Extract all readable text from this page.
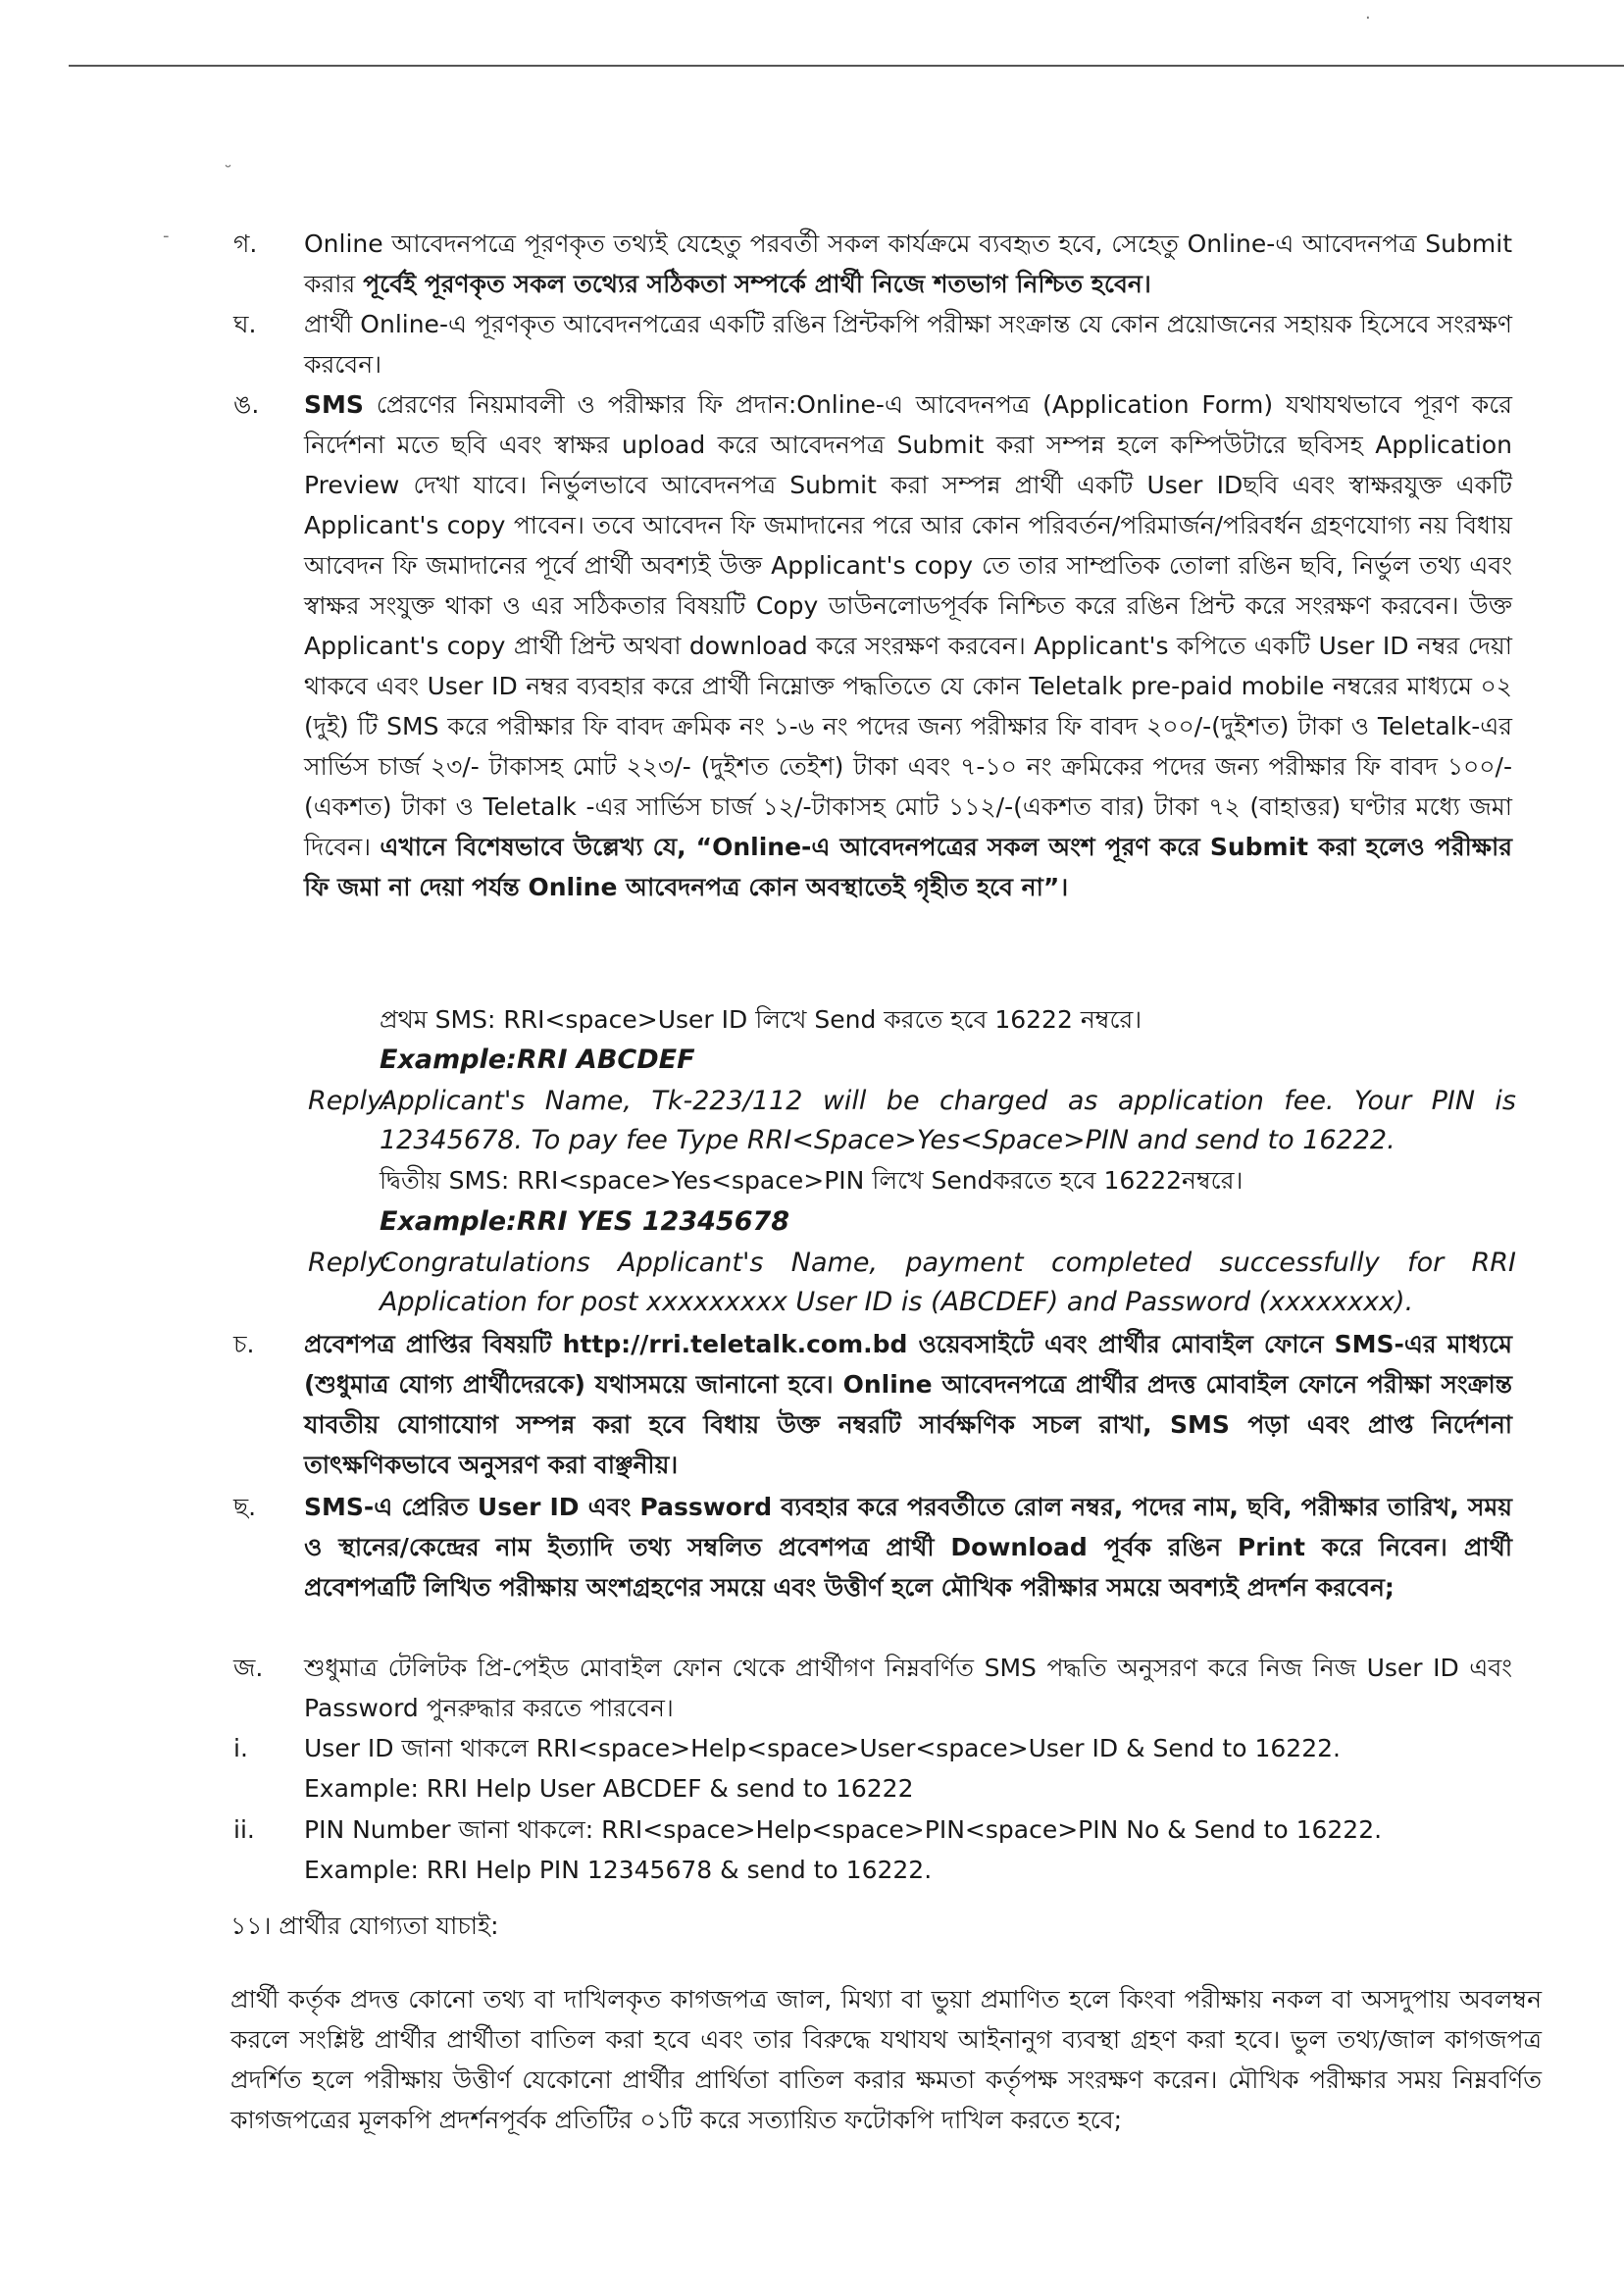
·
˘
-	গ.	Online আবেদনপত্রে পূরণকৃত তথ্যই যেহেতু পরবর্তী সকল কার্যক্রমে ব্যবহৃত হবে, সেহেতু Online-এ আবেদনপত্র Submit করার পূর্বেই পূরণকৃত সকল তথ্যের সঠিকতা সম্পর্কে প্রার্থী নিজে শতভাগ নিশ্চিত হবেন।
ঘ.	প্রার্থী Online-এ পূরণকৃত আবেদনপত্রের একটি রঙিন প্রিন্টকপি পরীক্ষা সংক্রান্ত যে কোন প্রয়োজনের সহায়ক হিসেবে সংরক্ষণ করবেন।
ঙ.	SMS প্রেরণের নিয়মাবলী ও পরীক্ষার ফি প্রদান:Online-এ আবেদনপত্র (Application Form) যথাযথভাবে পূরণ করে নির্দেশনা মতে ছবি এবং স্বাক্ষর upload করে আবেদনপত্র Submit করা সম্পন্ন হলে কম্পিউটারে ছবিসহ Application Preview দেখা যাবে। নির্ভুলভাবে আবেদনপত্র Submit করা সম্পন্ন প্রার্থী একটি User IDছবি এবং স্বাক্ষরযুক্ত একটি Applicant's copy পাবেন। তবে আবেদন ফি জমাদানের পরে আর কোন পরিবর্তন/পরিমার্জন/পরিবর্ধন গ্রহণযোগ্য নয় বিধায় আবেদন ফি জমাদানের পূর্বে প্রার্থী অবশ্যই উক্ত Applicant's copy তে তার সাম্প্রতিক তোলা রঙিন ছবি, নির্ভুল তথ্য এবং স্বাক্ষর সংযুক্ত থাকা ও এর সঠিকতার বিষয়টি Copy ডাউনলোডপূর্বক নিশ্চিত করে রঙিন প্রিন্ট করে সংরক্ষণ করবেন। উক্ত Applicant's copy প্রার্থী প্রিন্ট অথবা download করে সংরক্ষণ করবেন। Applicant's কপিতে একটি User ID নম্বর দেয়া থাকবে এবং User ID নম্বর ব্যবহার করে প্রার্থী নিম্নোক্ত পদ্ধতিতে যে কোন Teletalk pre-paid mobile নম্বরের মাধ্যমে ০২ (দুই) টি SMS করে পরীক্ষার ফি বাবদ ক্রমিক নং ১-৬ নং পদের জন্য পরীক্ষার ফি বাবদ ২০০/-(দুইশত) টাকা ও Teletalk-এর সার্ভিস চার্জ ২৩/- টাকাসহ মোট ২২৩/- (দুইশত তেইশ) টাকা এবং ৭-১০ নং ক্রমিকের পদের জন্য পরীক্ষার ফি বাবদ ১০০/-(একশত) টাকা ও Teletalk -এর সার্ভিস চার্জ ১২/-টাকাসহ মোট ১১২/-(একশত বার) টাকা ৭২ (বাহাত্তর) ঘণ্টার মধ্যে জমা দিবেন। এখানে বিশেষভাবে উল্লেখ্য যে, “Online-এ আবেদনপত্রের সকল অংশ পূরণ করে Submit করা হলেও পরীক্ষার ফি জমা না দেয়া পর্যন্ত Online আবেদনপত্র কোন অবস্থাতেই গৃহীত হবে না”।
প্রথম SMS: RRI<space>User ID লিখে Send করতে হবে 16222 নম্বরে।
Example:RRI ABCDEF
Reply:
Applicant's Name, Tk-223/112 will be charged as application fee. Your PIN is 12345678. To pay fee Type RRI<Space>Yes<Space>PIN and send to 16222.
দ্বিতীয় SMS: RRI<space>Yes<space>PIN লিখে Sendকরতে হবে 16222নম্বরে।
Example:RRI YES 12345678
Reply:
Congratulations Applicant's Name, payment completed successfully for RRI Application for post xxxxxxxxx User ID is (ABCDEF) and Password (xxxxxxxx).
চ.	প্রবেশপত্র প্রাপ্তির বিষয়টি http://rri.teletalk.com.bd ওয়েবসাইটে এবং প্রার্থীর মোবাইল ফোনে SMS-এর মাধ্যমে (শুধুমাত্র যোগ্য প্রার্থীদেরকে) যথাসময়ে জানানো হবে। Online আবেদনপত্রে প্রার্থীর প্রদত্ত মোবাইল ফোনে পরীক্ষা সংক্রান্ত যাবতীয় যোগাযোগ সম্পন্ন করা হবে বিধায় উক্ত নম্বরটি সার্বক্ষণিক সচল রাখা, SMS পড়া এবং প্রাপ্ত নির্দেশনা তাৎক্ষণিকভাবে অনুসরণ করা বাঞ্ছনীয়।
ছ.	SMS-এ প্রেরিত User ID এবং Password ব্যবহার করে পরবর্তীতে রোল নম্বর, পদের নাম, ছবি, পরীক্ষার তারিখ, সময় ও স্থানের/কেন্দ্রের নাম ইত্যাদি তথ্য সম্বলিত প্রবেশপত্র প্রার্থী Download পূর্বক রঙিন Print করে নিবেন। প্রার্থী প্রবেশপত্রটি লিখিত পরীক্ষায় অংশগ্রহণের সময়ে এবং উত্তীর্ণ হলে মৌখিক পরীক্ষার সময়ে অবশ্যই প্রদর্শন করবেন;
জ.	শুধুমাত্র টেলিটক প্রি-পেইড মোবাইল ফোন থেকে প্রার্থীগণ নিম্নবর্ণিত SMS পদ্ধতি অনুসরণ করে নিজ নিজ User ID এবং Password পুনরুদ্ধার করতে পারবেন।
i.	User ID জানা থাকলে RRI<space>Help<space>User<space>User ID & Send to 16222.
Example: RRI Help User ABCDEF & send to 16222
ii.	PIN Number জানা থাকলে: RRI<space>Help<space>PIN<space>PIN No & Send to 16222.
Example: RRI Help PIN 12345678 & send to 16222.
১১। প্রার্থীর যোগ্যতা যাচাই:
প্রার্থী কর্তৃক প্রদত্ত কোনো তথ্য বা দাখিলকৃত কাগজপত্র জাল, মিথ্যা বা ভুয়া প্রমাণিত হলে কিংবা পরীক্ষায় নকল বা অসদুপায় অবলম্বন করলে সংশ্লিষ্ট প্রার্থীর প্রার্থীতা বাতিল করা হবে এবং তার বিরুদ্ধে যথাযথ আইনানুগ ব্যবস্থা গ্রহণ করা হবে। ভুল তথ্য/জাল কাগজপত্র প্রদর্শিত হলে পরীক্ষায় উত্তীর্ণ যেকোনো প্রার্থীর প্রার্থিতা বাতিল করার ক্ষমতা কর্তৃপক্ষ সংরক্ষণ করেন। মৌখিক পরীক্ষার সময় নিম্নবর্ণিত কাগজপত্রের মূলকপি প্রদর্শনপূর্বক প্রতিটির ০১টি করে সত্যায়িত ফটোকপি দাখিল করতে হবে;
